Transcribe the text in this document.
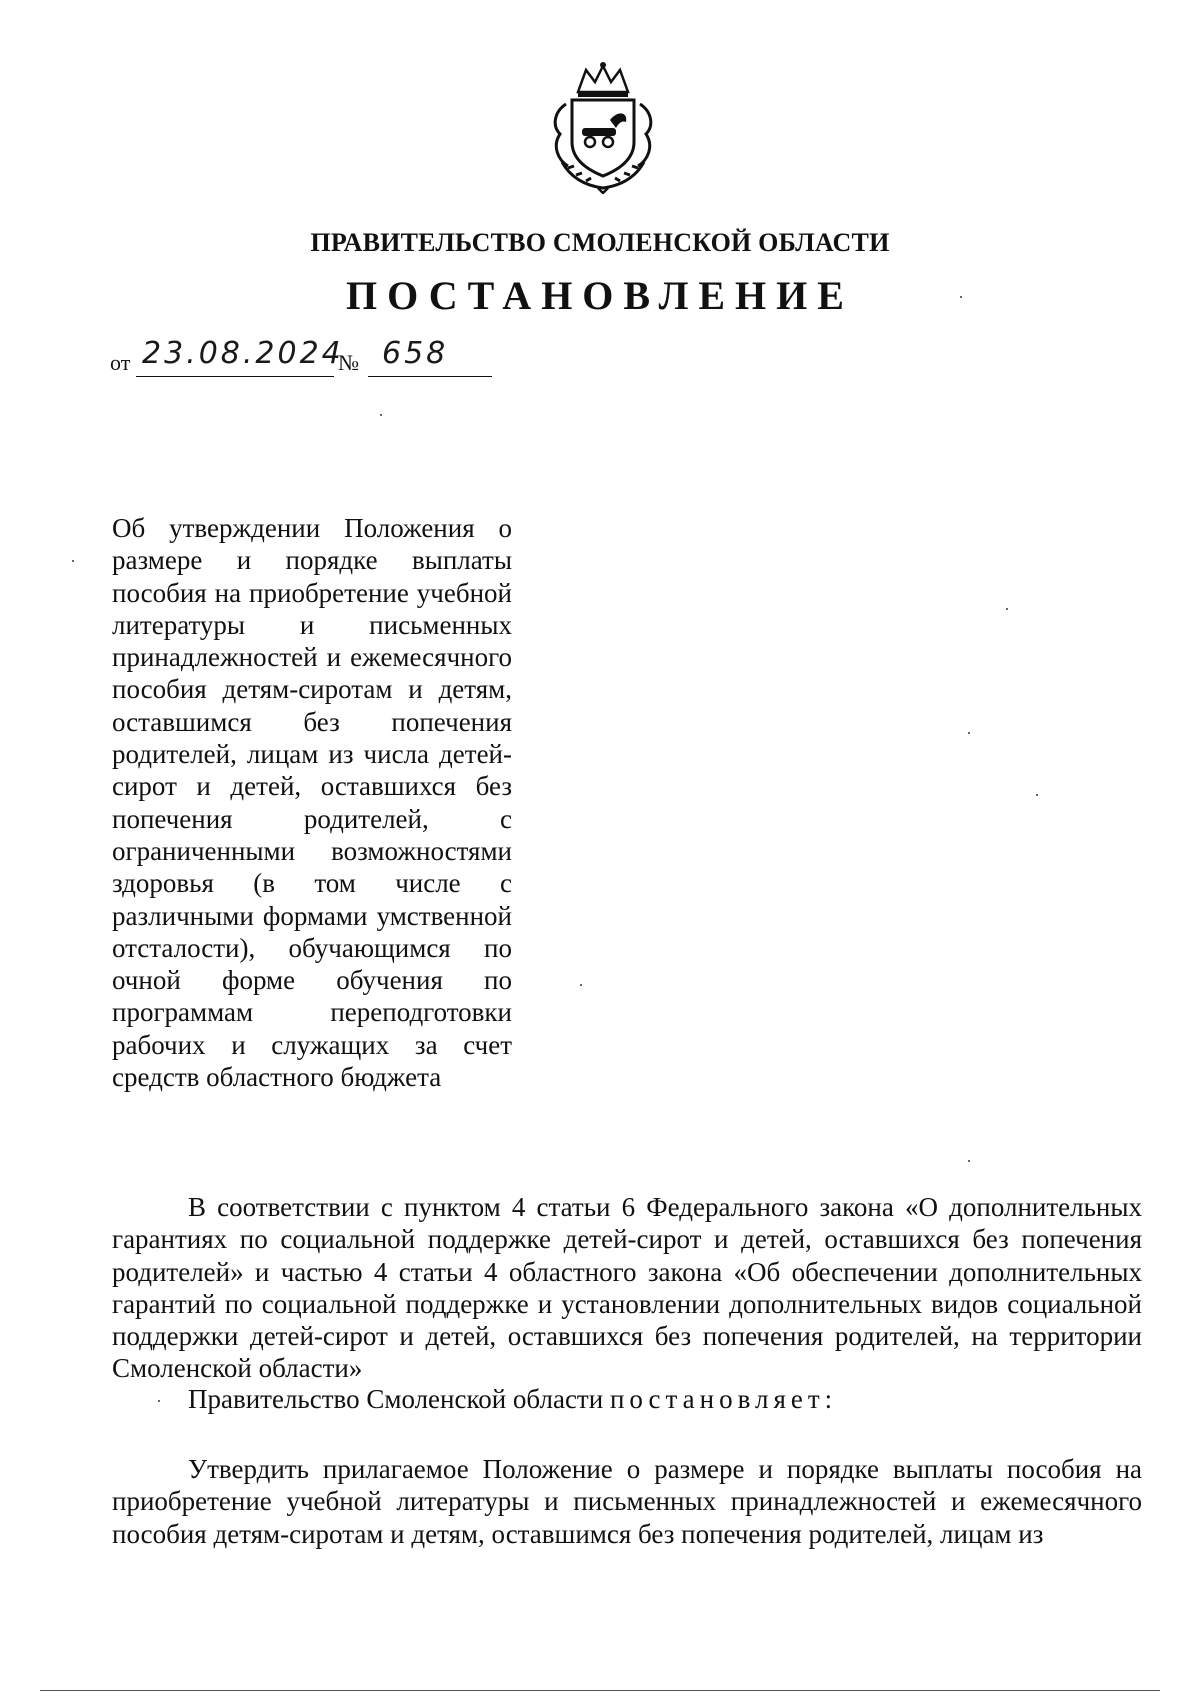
ПРАВИТЕЛЬСТВО СМОЛЕНСКОЙ ОБЛАСТИ
ПОСТАНОВЛЕНИЕ
от 23.08.2024
№ 658
Об утверждении Положения о размере и порядке выплаты пособия на приобретение учебной литературы и письменных принадлежностей и ежемесячного пособия детям-сиротам и детям, оставшимся без попечения родителей, лицам из числа детей-сирот и детей, оставшихся без попечения родителей, с ограниченными возможностями здоровья (в том числе с различными формами умственной отсталости), обучающимся по очной форме обучения по программам переподготовки рабочих и служащих за счет средств областного бюджета

В соответствии с пунктом 4 статьи 6 Федерального закона «О дополнительных гарантиях по социальной поддержке детей-сирот и детей, оставшихся без попечения родителей» и частью 4 статьи 4 областного закона «Об обеспечении дополнительных гарантий по социальной поддержке и установлении дополнительных видов социальной поддержки детей-сирот и детей, оставшихся без попечения родителей, на территории Смоленской области»

Правительство Смоленской области постановляет:

Утвердить прилагаемое Положение о размере и порядке выплаты пособия на приобретение учебной литературы и письменных принадлежностей и ежемесячного пособия детям-сиротам и детям, оставшимся без попечения родителей, лицам из
